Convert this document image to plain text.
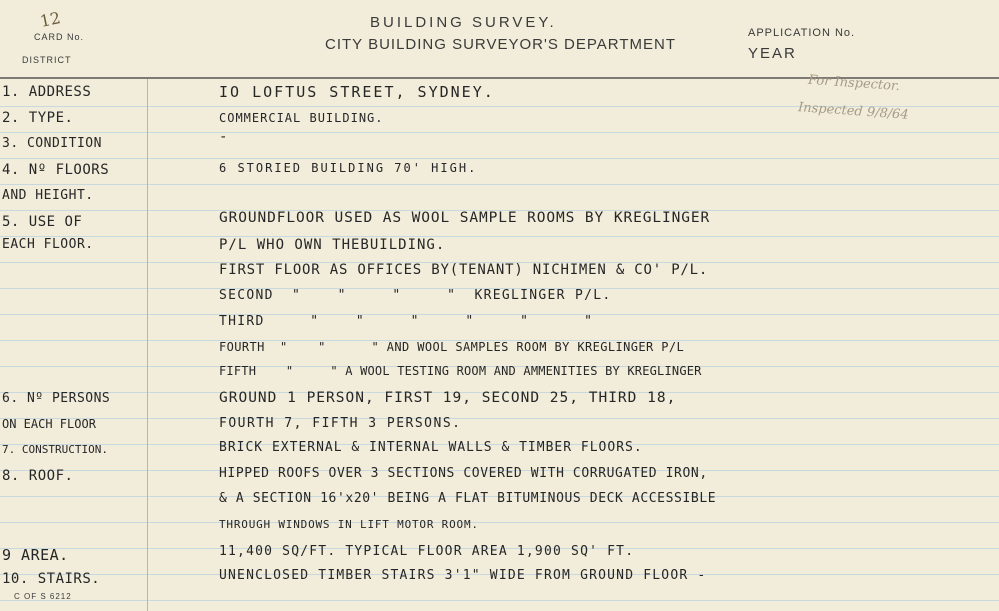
12
CARD No.
DISTRICT
BUILDING SURVEY.
CITY BUILDING SURVEYOR'S DEPARTMENT
APPLICATION No.
YEAR
1. ADDRESS
2. TYPE.
3. CONDITION
4. Nº FLOORS
AND HEIGHT.
5. USE OF
EACH FLOOR.
6. Nº PERSONS
ON EACH FLOOR
7. CONSTRUCTION.
8. ROOF.
9 AREA.
10. STAIRS.
IO LOFTUS STREET, SYDNEY.
COMMERCIAL BUILDING.
-
6 STORIED BUILDING 70' HIGH.
GROUNDFLOOR USED AS WOOL SAMPLE ROOMS BY KREGLINGER
P/L WHO OWN THEBUILDING.
FIRST FLOOR AS OFFICES BY(TENANT) NICHIMEN & CO' P/L.
SECOND  "    "     "     "  KREGLINGER P/L.
THIRD     "    "     "     "     "      "
FOURTH  "    "      " AND WOOL SAMPLES ROOM BY KREGLINGER P/L
FIFTH    "     " A WOOL TESTING ROOM AND AMMENITIES BY KREGLINGER
GROUND 1 PERSON, FIRST 19, SECOND 25, THIRD 18,
FOURTH 7, FIFTH 3 PERSONS.
BRICK EXTERNAL & INTERNAL WALLS & TIMBER FLOORS.
HIPPED ROOFS OVER 3 SECTIONS COVERED WITH CORRUGATED IRON,
& A SECTION 16'x20' BEING A FLAT BITUMINOUS DECK ACCESSIBLE
THROUGH WINDOWS IN LIFT MOTOR ROOM.
11,400 SQ/FT. TYPICAL FLOOR AREA 1,900 SQ' FT.
UNENCLOSED TIMBER STAIRS 3'1" WIDE FROM GROUND FLOOR -
For Inspector.
Inspected 9/8/64
C OF S 6212
